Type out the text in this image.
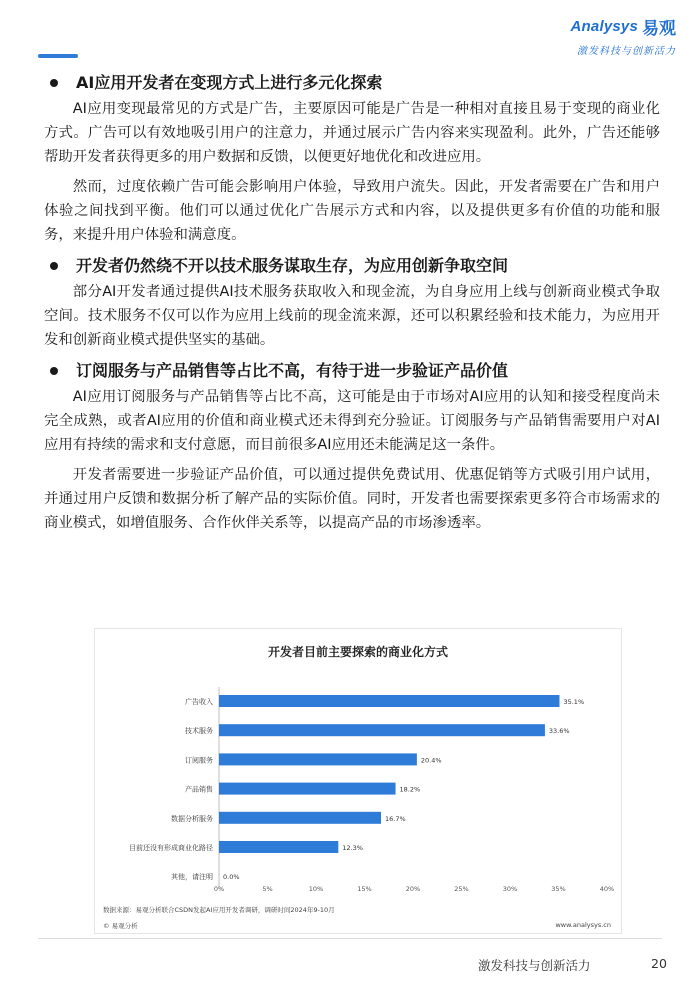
Analysys 易观
激发科技与创新活力
AI应用开发者在变现方式上进行多元化探索

AI应用变现最常见的方式是广告，主要原因可能是广告是一种相对直接且易于变现的商业化方式。广告可以有效地吸引用户的注意力，并通过展示广告内容来实现盈利。此外，广告还能够帮助开发者获得更多的用户数据和反馈，以便更好地优化和改进应用。

然而，过度依赖广告可能会影响用户体验，导致用户流失。因此，开发者需要在广告和用户体验之间找到平衡。他们可以通过优化广告展示方式和内容，以及提供更多有价值的功能和服务，来提升用户体验和满意度。

开发者仍然绕不开以技术服务谋取生存，为应用创新争取空间

部分AI开发者通过提供AI技术服务获取收入和现金流，为自身应用上线与创新商业模式争取空间。技术服务不仅可以作为应用上线前的现金流来源，还可以积累经验和技术能力，为应用开发和创新商业模式提供坚实的基础。

订阅服务与产品销售等占比不高，有待于进一步验证产品价值

AI应用订阅服务与产品销售等占比不高，这可能是由于市场对AI应用的认知和接受程度尚未完全成熟，或者AI应用的价值和商业模式还未得到充分验证。订阅服务与产品销售需要用户对AI应用有持续的需求和支付意愿，而目前很多AI应用还未能满足这一条件。

开发者需要进一步验证产品价值，可以通过提供免费试用、优惠促销等方式吸引用户试用，并通过用户反馈和数据分析了解产品的实际价值。同时，开发者也需要探索更多符合市场需求的商业模式，如增值服务、合作伙伴关系等，以提高产品的市场渗透率。

开发者目前主要探索的商业化方式
广告收入	35.1%
技术服务	33.6%
订阅服务	20.4%
产品销售	18.2%
数据分析服务	16.7%
目前还没有形成商业化路径	12.3%
其他，请注明 0.0%
0%	5%	10%	15%	20%	25%	30%	35%	40%
数据来源：易观分析联合CSDN发起AI应用开发者调研，调研时间2024年9-10月
© 易观分析	www.analysys.cn
激发科技与创新活力	20
